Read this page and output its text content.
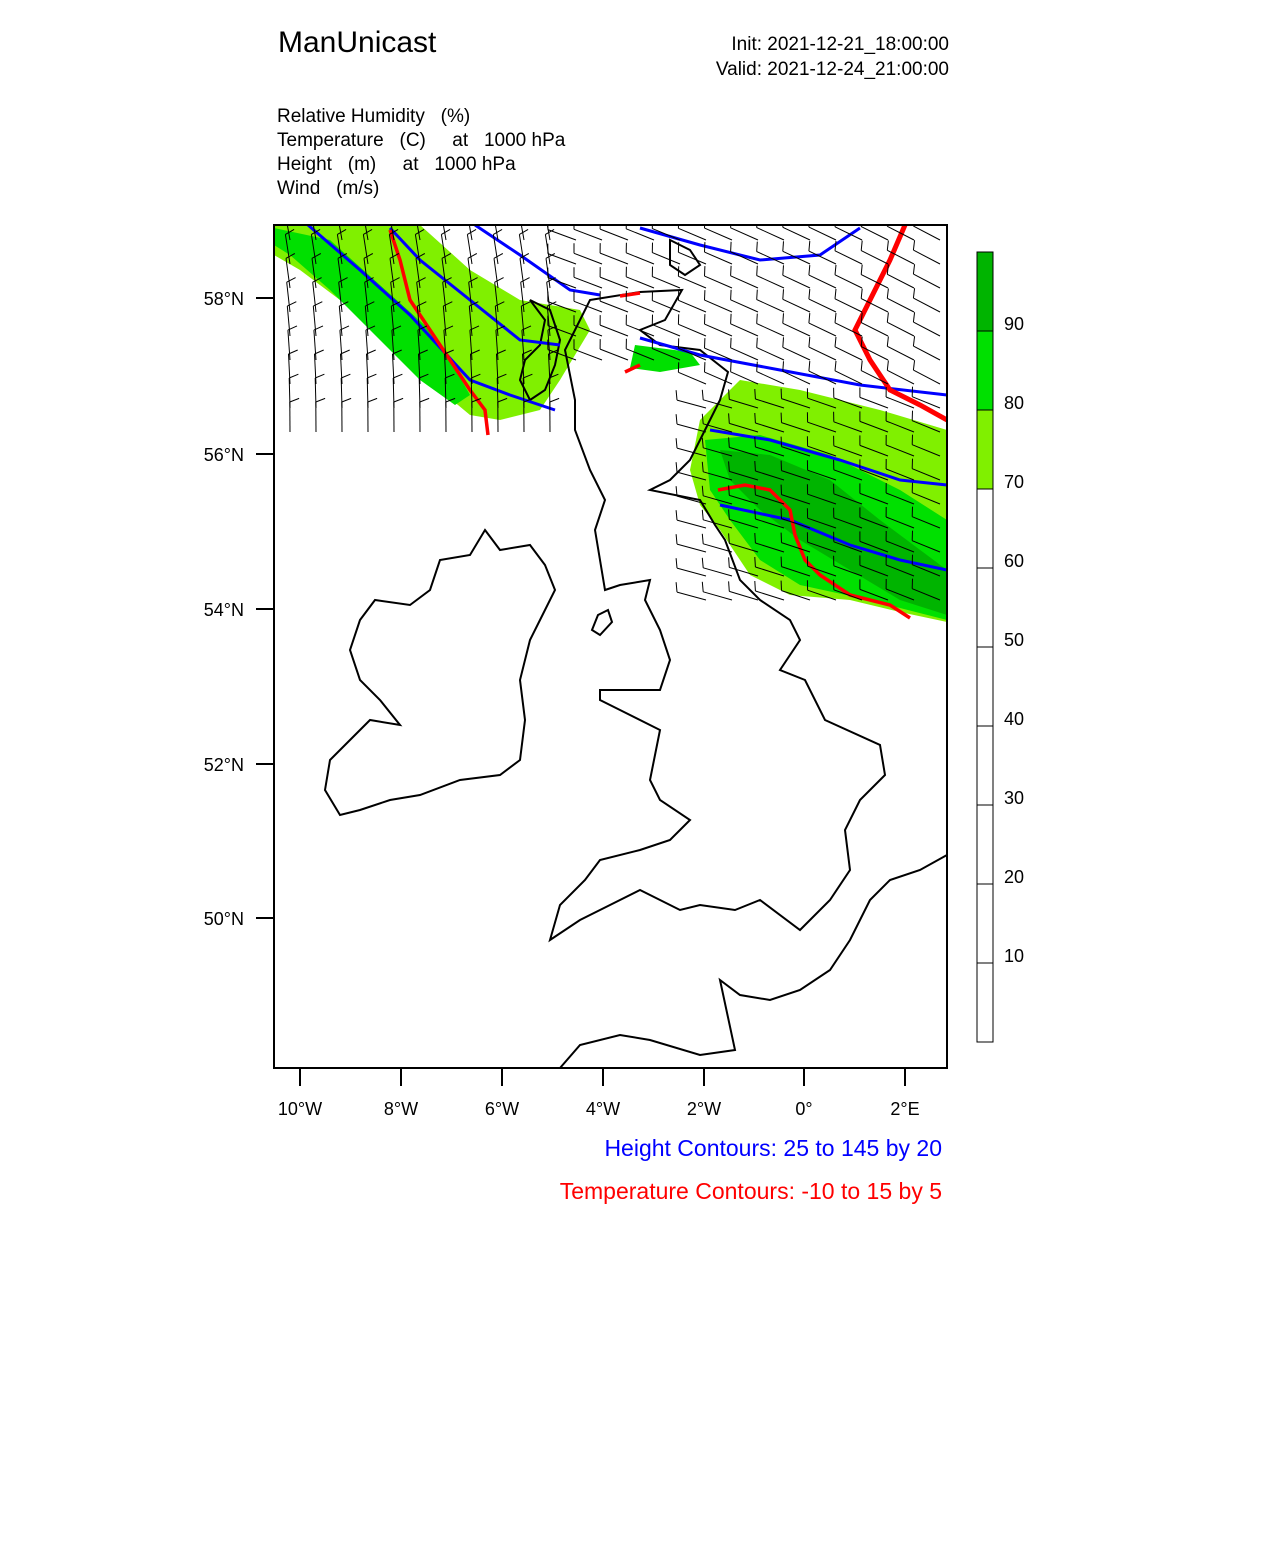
ManUnicast	Init: 2021-12-21_18:00:00
Valid: 2021-12-24_21:00:00
Relative Humidity   (%)
Temperature   (C)     at   1000 hPa
Height   (m)     at   1000 hPa
Wind   (m/s)
58°N
56°N
54°N
52°N
50°N
10°W	8°W	6°W	4°W	2°W	0°	2°E
90
80
70
60
50
40
30
20
10
Height Contours: 25 to 145 by 20
Temperature Contours: -10 to 15 by 5
